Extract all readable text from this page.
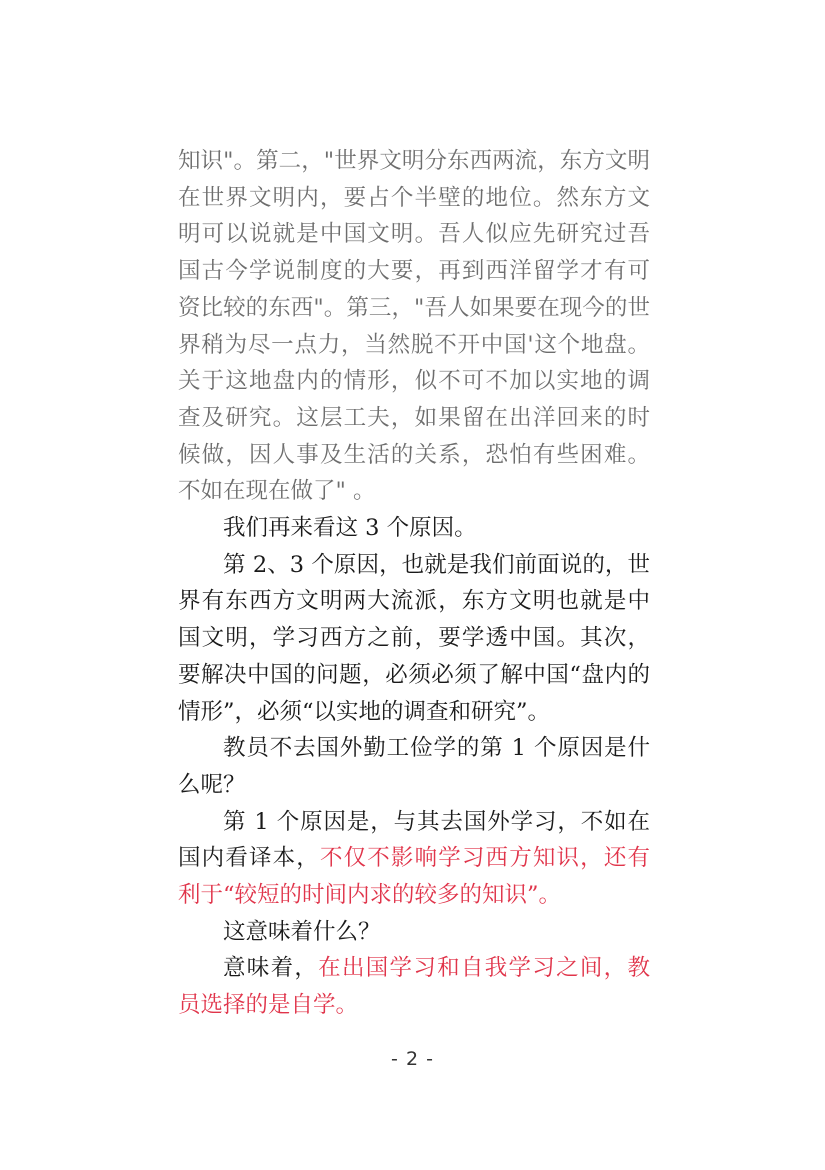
知识"。第二，"世界文明分东西两流，东方文明在世界文明内，要占个半壁的地位。然东方文明可以说就是中国文明。吾人似应先研究过吾国古今学说制度的大要，再到西洋留学才有可资比较的东西"。第三，"吾人如果要在现今的世界稍为尽一点力，当然脱不开中国'这个地盘。关于这地盘内的情形，似不可不加以实地的调查及研究。这层工夫，如果留在出洋回来的时候做，因人事及生活的关系，恐怕有些困难。不如在现在做了" 。

我们再来看这 3 个原因。

第 2、3 个原因，也就是我们前面说的，世界有东西方文明两大流派，东方文明也就是中国文明，学习西方之前，要学透中国。其次，要解决中国的问题，必须必须了解中国“盘内的情形”，必须“以实地的调查和研究”。

教员不去国外勤工俭学的第 1 个原因是什么呢？

第 1 个原因是，与其去国外学习，不如在国内看译本，不仅不影响学习西方知识，还有利于“较短的时间内求的较多的知识”。

这意味着什么？

意味着，在出国学习和自我学习之间，教员选择的是自学。

- 2 -
